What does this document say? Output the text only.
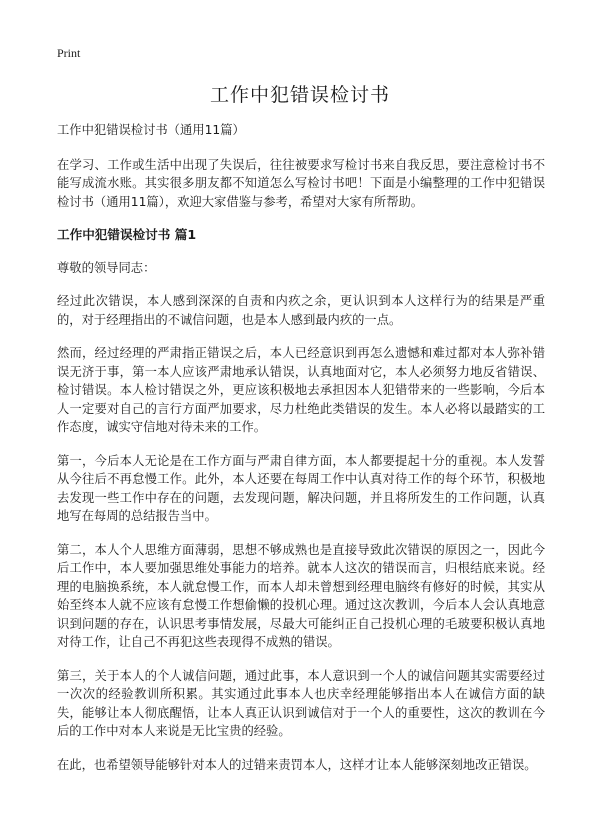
Print
工作中犯错误检讨书

工作中犯错误检讨书（通用11篇）

在学习、工作或生活中出现了失误后，往往被要求写检讨书来自我反思，要注意检讨书不能写成流水账。其实很多朋友都不知道怎么写检讨书吧！下面是小编整理的工作中犯错误检讨书（通用11篇），欢迎大家借鉴与参考，希望对大家有所帮助。

工作中犯错误检讨书 篇1

尊敬的领导同志：

经过此次错误，本人感到深深的自责和内疚之余，更认识到本人这样行为的结果是严重的，对于经理指出的不诚信问题，也是本人感到最内疚的一点。

然而，经过经理的严肃指正错误之后，本人已经意识到再怎么遗憾和难过都对本人弥补错误无济于事，第一本人应该严肃地承认错误，认真地面对它，本人必须努力地反省错误、检讨错误。本人检讨错误之外，更应该积极地去承担因本人犯错带来的一些影响，今后本人一定要对自己的言行方面严加要求，尽力杜绝此类错误的发生。本人必将以最踏实的工作态度，诚实守信地对待未来的工作。

第一，今后本人无论是在工作方面与严肃自律方面，本人都要提起十分的重视。本人发誓从今往后不再怠慢工作。此外，本人还要在每周工作中认真对待工作的每个环节，积极地去发现一些工作中存在的问题，去发现问题，解决问题，并且将所发生的工作问题，认真地写在每周的总结报告当中。

第二，本人个人思维方面薄弱，思想不够成熟也是直接导致此次错误的原因之一，因此今后工作中，本人要加强思维处事能力的培养。就本人这次的错误而言，归根结底来说。经理的电脑换系统，本人就怠慢工作，而本人却未曾想到经理电脑终有修好的时候，其实从始至终本人就不应该有怠慢工作想偷懒的投机心理。通过这次教训，今后本人会认真地意识到问题的存在，认识思考事情发展，尽最大可能纠正自己投机心理的毛玻要积极认真地对待工作，让自己不再犯这些表现得不成熟的错误。

第三，关于本人的个人诚信问题，通过此事，本人意识到一个人的诚信问题其实需要经过一次次的经验教训所积累。其实通过此事本人也庆幸经理能够指出本人在诚信方面的缺失，能够让本人彻底醒悟，让本人真正认识到诚信对于一个人的重要性，这次的教训在今后的工作中对本人来说是无比宝贵的经验。

在此，也希望领导能够针对本人的过错来责罚本人，这样才让本人能够深刻地改正错误。
